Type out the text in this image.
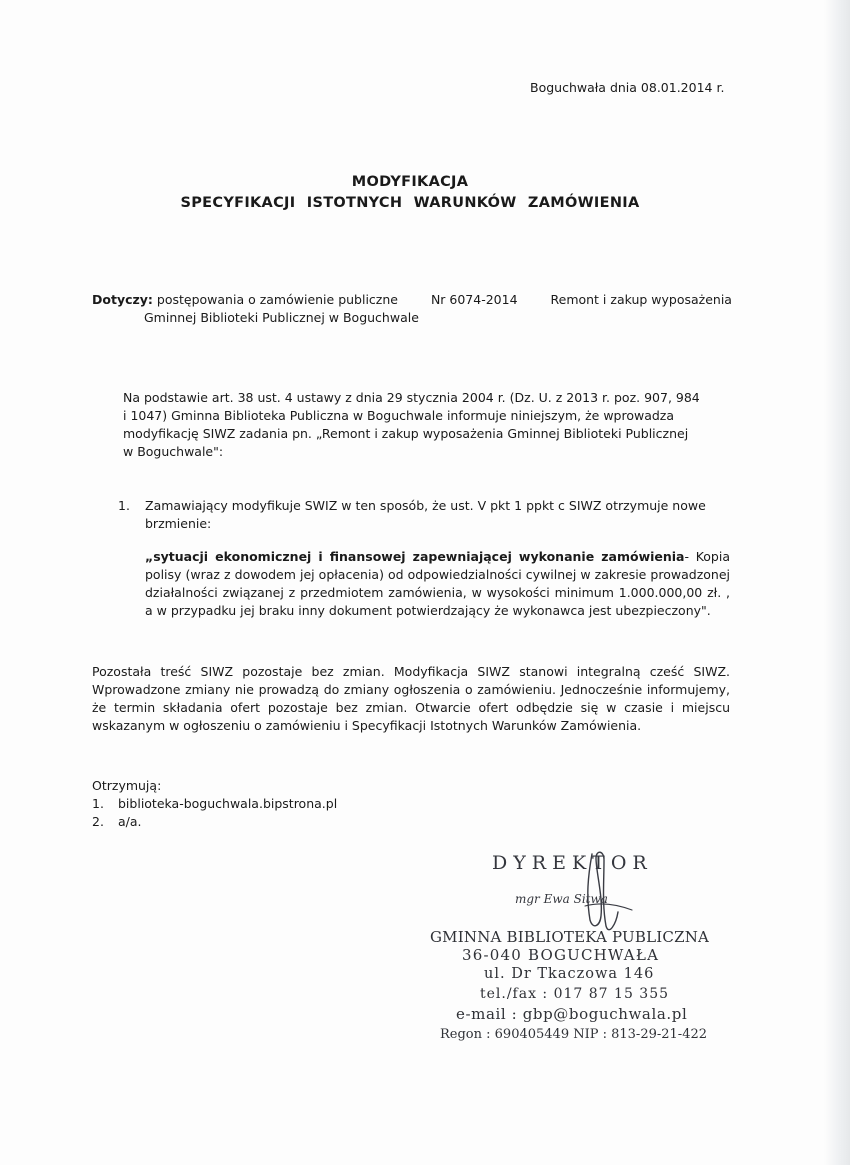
Boguchwała dnia 08.01.2014 r.
MODYFIKACJA
SPECYFIKACJI ISTOTNYCH WARUNKÓW ZAMÓWIENIA
Dotyczy: postępowania o zamówienie publiczne	Nr 6074-2014	Remont i zakup wyposażenia
Gminnej Biblioteki Publicznej w Boguchwale
Na podstawie art. 38 ust. 4 ustawy z dnia 29 stycznia 2004 r. (Dz. U. z 2013 r. poz. 907, 984
i 1047) Gminna Biblioteka Publiczna w Boguchwale informuje niniejszym, że wprowadza
modyfikację SIWZ zadania pn. „Remont i zakup wyposażenia Gminnej Biblioteki Publicznej
w Boguchwale":
1. Zamawiający modyfikuje SWIZ w ten sposób, że ust. V pkt 1 ppkt c SIWZ otrzymuje nowe
brzmienie:
„sytuacji ekonomicznej i finansowej zapewniającej wykonanie zamówienia- Kopia polisy (wraz z dowodem jej opłacenia) od odpowiedzialności cywilnej w zakresie prowadzonej działalności związanej z przedmiotem zamówienia, w wysokości minimum 1.000.000,00 zł. , a w przypadku jej braku inny dokument potwierdzający że wykonawca jest ubezpieczony".
Pozostała treść SIWZ pozostaje bez zmian. Modyfikacja SIWZ stanowi integralną cześć SIWZ.
Wprowadzone zmiany nie prowadzą do zmiany ogłoszenia o zamówieniu. Jednocześnie informujemy,
że termin składania ofert pozostaje bez zmian. Otwarcie ofert odbędzie się w czasie i miejscu
wskazanym w ogłoszeniu o zamówieniu i Specyfikacji Istotnych Warunków Zamówienia.
Otrzymują:
1.	biblioteka-boguchwala.bipstrona.pl
2.	a/a.
DYREKTOR
mgr Ewa Sitwa
GMINNA BIBLIOTEKA PUBLICZNA
36-040 BOGUCHWAŁA
ul. Dr Tkaczowa 146
tel./fax : 017 87 15 355
e-mail : gbp@boguchwala.pl
Regon : 690405449 NIP : 813-29-21-422
